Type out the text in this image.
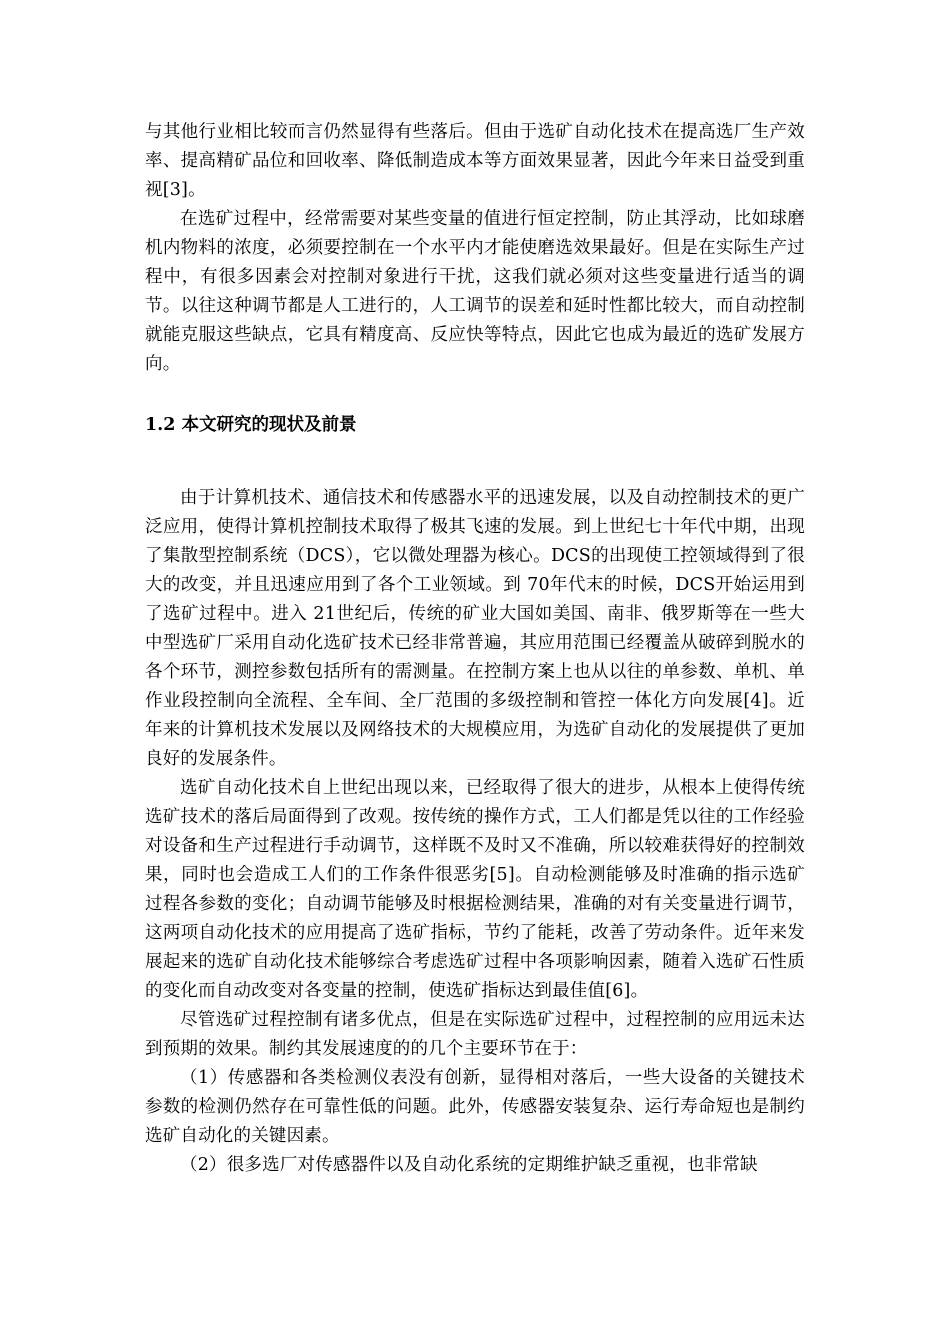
与其他行业相比较而言仍然显得有些落后。但由于选矿自动化技术在提高选厂生产效率、提高精矿品位和回收率、降低制造成本等方面效果显著，因此今年来日益受到重视[3]。

在选矿过程中，经常需要对某些变量的值进行恒定控制，防止其浮动，比如球磨机内物料的浓度，必须要控制在一个水平内才能使磨选效果最好。但是在实际生产过程中，有很多因素会对控制对象进行干扰，这我们就必须对这些变量进行适当的调节。以往这种调节都是人工进行的，人工调节的误差和延时性都比较大，而自动控制就能克服这些缺点，它具有精度高、反应快等特点，因此它也成为最近的选矿发展方向。

1.2 本文研究的现状及前景

由于计算机技术、通信技术和传感器水平的迅速发展，以及自动控制技术的更广泛应用，使得计算机控制技术取得了极其飞速的发展。到上世纪七十年代中期，出现了集散型控制系统（DCS），它以微处理器为核心。DCS的出现使工控领域得到了很大的改变，并且迅速应用到了各个工业领域。到 70年代末的时候，DCS开始运用到了选矿过程中。进入 21世纪后，传统的矿业大国如美国、南非、俄罗斯等在一些大中型选矿厂采用自动化选矿技术已经非常普遍，其应用范围已经覆盖从破碎到脱水的各个环节，测控参数包括所有的需测量。在控制方案上也从以往的单参数、单机、单作业段控制向全流程、全车间、全厂范围的多级控制和管控一体化方向发展[4]。近年来的计算机技术发展以及网络技术的大规模应用，为选矿自动化的发展提供了更加良好的发展条件。

选矿自动化技术自上世纪出现以来，已经取得了很大的进步，从根本上使得传统选矿技术的落后局面得到了改观。按传统的操作方式，工人们都是凭以往的工作经验对设备和生产过程进行手动调节，这样既不及时又不准确，所以较难获得好的控制效果，同时也会造成工人们的工作条件很恶劣[5]。自动检测能够及时准确的指示选矿过程各参数的变化；自动调节能够及时根据检测结果，准确的对有关变量进行调节，这两项自动化技术的应用提高了选矿指标，节约了能耗，改善了劳动条件。近年来发展起来的选矿自动化技术能够综合考虑选矿过程中各项影响因素，随着入选矿石性质的变化而自动改变对各变量的控制，使选矿指标达到最佳值[6]。

尽管选矿过程控制有诸多优点，但是在实际选矿过程中，过程控制的应用远未达到预期的效果。制约其发展速度的的几个主要环节在于：

（1）传感器和各类检测仪表没有创新，显得相对落后，一些大设备的关键技术参数的检测仍然存在可靠性低的问题。此外，传感器安装复杂、运行寿命短也是制约选矿自动化的关键因素。

（2）很多选厂对传感器件以及自动化系统的定期维护缺乏重视，也非常缺
